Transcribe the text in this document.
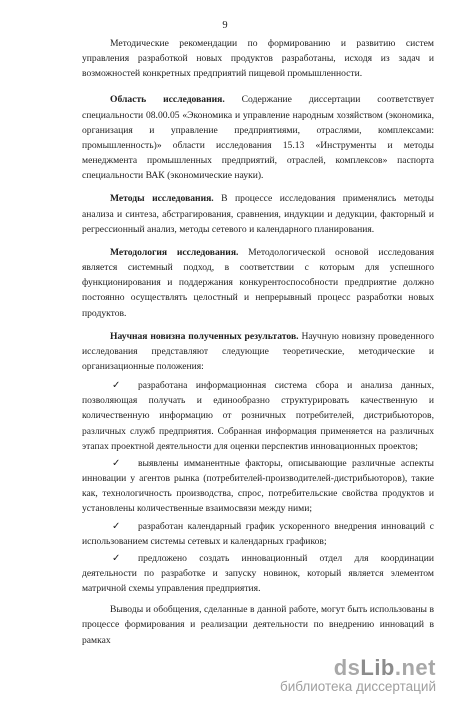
9

Методические рекомендации по формированию и развитию систем управления разработкой новых продуктов разработаны, исходя из задач и возможностей конкретных предприятий пищевой промышленности.

Область исследования. Содержание диссертации соответствует специальности 08.00.05 «Экономика и управление народным хозяйством (экономика, организация и управление предприятиями, отраслями, комплексами: промышленность)» области исследования 15.13 «Инструменты и методы менеджмента промышленных предприятий, отраслей, комплексов» паспорта специальности ВАК (экономические науки).

Методы исследования. В процессе исследования применялись методы анализа и синтеза, абстрагирования, сравнения, индукции и дедукции, факторный и регрессионный анализ, методы сетевого и календарного планирования.

Методология исследования. Методологической основой исследования является системный подход, в соответствии с которым для успешного функционирования и поддержания конкурентоспособности предприятие должно постоянно осуществлять целостный и непрерывный процесс разработки новых продуктов.

Научная новизна полученных результатов. Научную новизну проведенного исследования представляют следующие теоретические, методические и организационные положения:

✓ разработана информационная система сбора и анализа данных, позволяющая получать и единообразно структурировать качественную и количественную информацию от розничных потребителей, дистрибьюторов, различных служб предприятия. Собранная информация применяется на различных этапах проектной деятельности для оценки перспектив инновационных проектов;
✓ выявлены имманентные факторы, описывающие различные аспекты инновации у агентов рынка (потребителей-производителей-дистрибьюторов), такие как, технологичность производства, спрос, потребительские свойства продуктов и установлены количественные взаимосвязи между ними;
✓ разработан календарный график ускоренного внедрения инноваций с использованием системы сетевых и календарных графиков;
✓ предложено создать инновационный отдел для координации деятельности по разработке и запуску новинок, который является элементом матричной схемы управления предприятия.

Выводы и обобщения, сделанные в данной работе, могут быть использованы в процессе формирования и реализации деятельности по внедрению инноваций в рамках

dsLib.net
библиотека диссертаций
